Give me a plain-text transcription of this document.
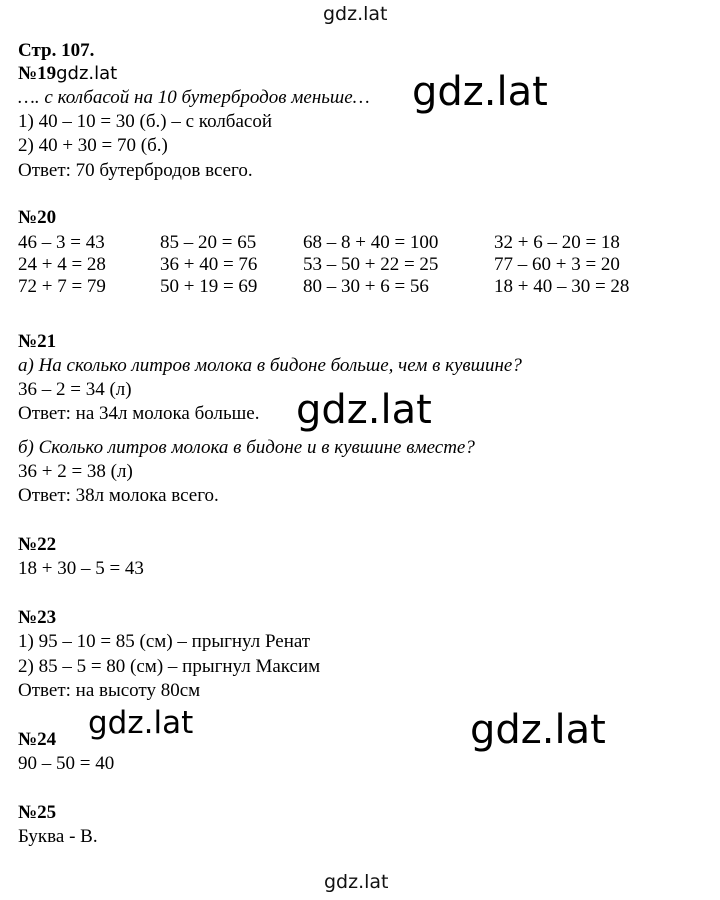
gdz.lat
gdz.lat
gdz.lat
gdz.lat	gdz.lat
gdz.lat
Стр. 107.
№19gdz.lat
…. с колбасой на 10 бутербродов меньше…
1) 40 – 10 = 30 (б.) – с колбасой
2) 40 + 30 = 70 (б.)
Ответ: 70 бутербродов всего.
№20
46 – 3 = 43
24 + 4 = 28
72 + 7 = 79
85 – 20 = 65
36 + 40 = 76
50 + 19 = 69
68 – 8 + 40 = 100
53 – 50 + 22 = 25
80 – 30 + 6 = 56
32 + 6 – 20 = 18
77 – 60 + 3 = 20
18 + 40 – 30 = 28
№21
а) На сколько литров молока в бидоне больше, чем в кувшине?
36 – 2 = 34 (л)
Ответ: на 34л молока больше.
б) Сколько литров молока в бидоне и в кувшине вместе?
36 + 2 = 38 (л)
Ответ: 38л молока всего.
№22
18 + 30 – 5 = 43
№23
1) 95 – 10 = 85 (см) – прыгнул Ренат
2) 85 – 5 = 80 (см) – прыгнул Максим
Ответ: на высоту 80см
№24
90 – 50 = 40
№25
Буква - В.
